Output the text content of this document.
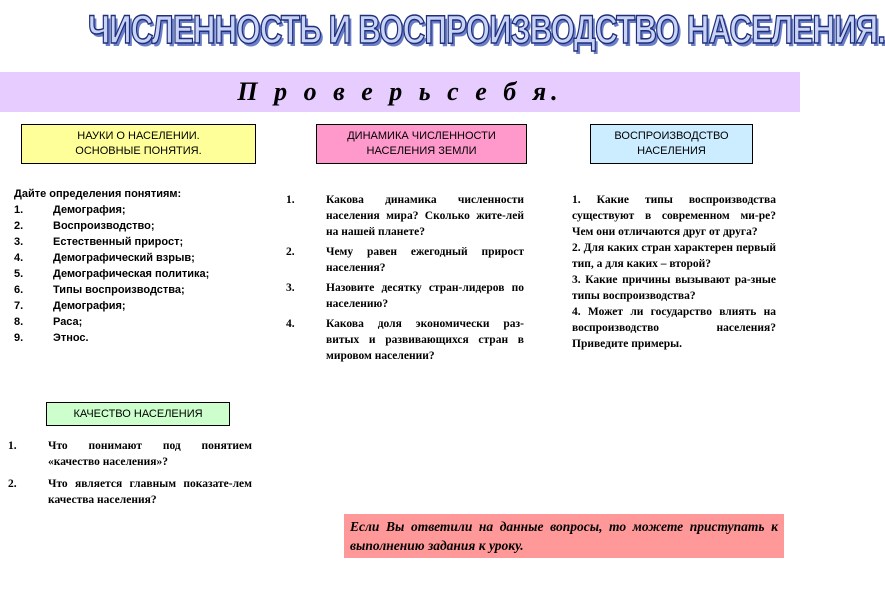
ЧИСЛЕННОСТЬ И ВОСПРОИЗВОДСТВО НАСЕЛЕНИЯ.
П р о в е р ь с е б я.
НАУКИ О НАСЕЛЕНИИ.
ОСНОВНЫЕ ПОНЯТИЯ.
ДИНАМИКА ЧИСЛЕННОСТИ
НАСЕЛЕНИЯ ЗЕМЛИ
ВОСПРОИЗВОДСТВО
НАСЕЛЕНИЯ
КАЧЕСТВО НАСЕЛЕНИЯ
Дайте определения понятиям:
1.	Демография;
2.	Воспроизводство;
3.	Естественный прирост;
4.	Демографический взрыв;
5.	Демографическая политика;
6.	Типы воспроизводства;
7.	Демография;
8.	Раса;
9.	Этнос.
1.	Какова динамика численности населения мира? Сколько жите-лей на нашей планете?
2.	Чему равен ежегодный прирост населения?
3.	Назовите десятку стран-лидеров по населению?
4.	Какова доля экономически раз-витых и развивающихся стран в мировом населении?
1. Какие типы воспроизводства существуют в современном ми-ре? Чем они отличаются друг от друга?
2. Для каких стран характерен первый тип, а для каких – второй?
3. Какие причины вызывают ра-зные типы воспроизводства?
4. Может ли государство влиять на воспроизводство населения? Приведите примеры.
1.	Что понимают под понятием «качество населения»?
2.	Что является главным показате-лем качества населения?
Если Вы ответили на данные вопросы, то можете приступать к выполнению задания к уроку.
